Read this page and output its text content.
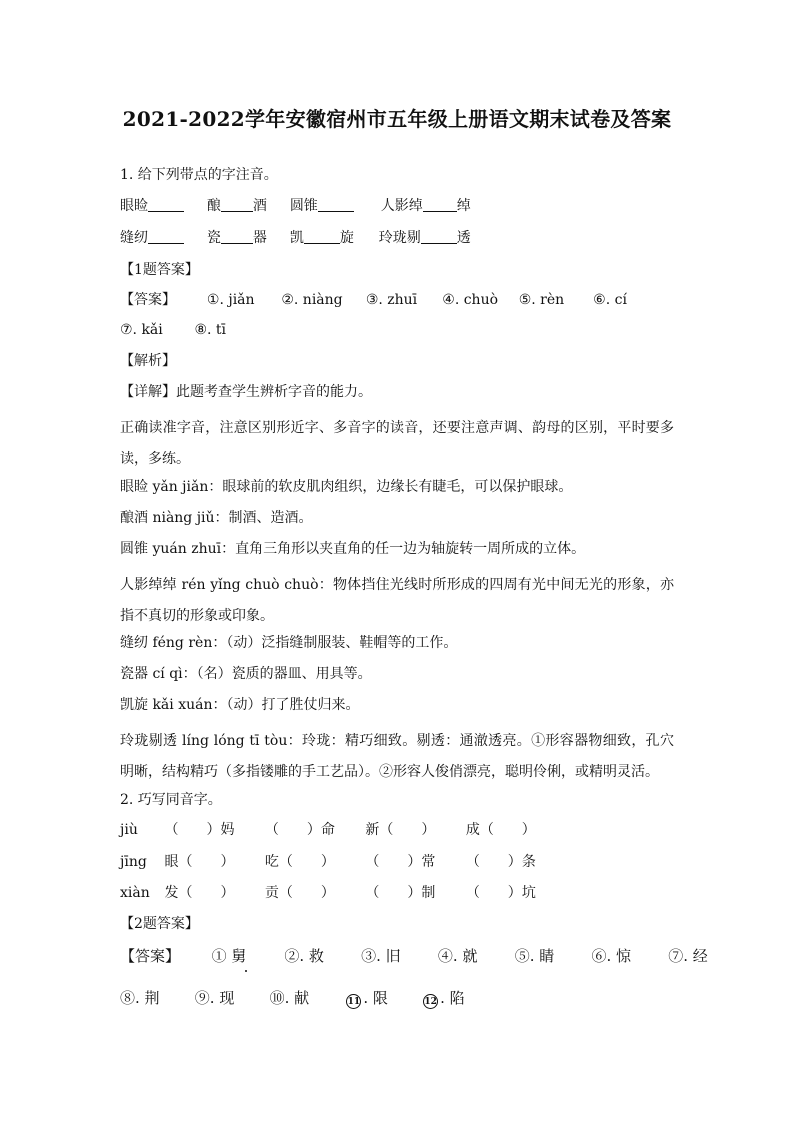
2021-2022学年安徽宿州市五年级上册语文期末试卷及答案
1. 给下列带点的字注音。
眼睑	酿 酒 圆锥	人影绰 绰
缝纫	瓷 器 凯	旋 玲珑剔	透
【1题答案】
【答案】 ①. jiǎn ②. niàng ③. zhuī ④. chuò ⑤. rèn ⑥. cí
⑦. kǎi ⑧. tī
【解析】
【详解】此题考查学生辨析字音的能力。
正确读准字音，注意区别形近字、多音字的读音，还要注意声调、韵母的区别，平时要多读，多练。
眼睑 yǎn jiǎn：眼球前的软皮肌肉组织，边缘长有睫毛，可以保护眼球。
酿酒 niàng jiǔ：制酒、造酒。
圆锥 yuán zhuī：直角三角形以夹直角的任一边为轴旋转一周所成的立体。
人影绰绰 rén yǐng chuò chuò：物体挡住光线时所形成的四周有光中间无光的形象，亦指不真切的形象或印象。
缝纫 féng rèn：（动）泛指缝制服装、鞋帽等的工作。
瓷器 cí qì：（名）瓷质的器皿、用具等。
凯旋 kǎi xuán：（动）打了胜仗归来。
玲珑剔透 líng lóng tī tòu：玲珑：精巧细致。剔透：通澈透亮。①形容器物细致，孔穴明晰，结构精巧（多指镂雕的手工艺品）。②形容人俊俏漂亮，聪明伶俐，或精明灵活。
2. 巧写同音字。
jiù （  ）妈 （  ）命 新（  ） 成（  ）
jīng 眼（  ） 吃（  ） （  ）常 （  ）条
xiàn 发（  ） 贡（  ） （  ）制 （  ）坑
【2题答案】
【答案】 ① 舅	②. 救 ③. 旧 ④. 就 ⑤. 睛 ⑥. 惊 ⑦. 经
⑧. 荆 ⑨. 现 ⑩. 献	11 . 限	12 . 陷
